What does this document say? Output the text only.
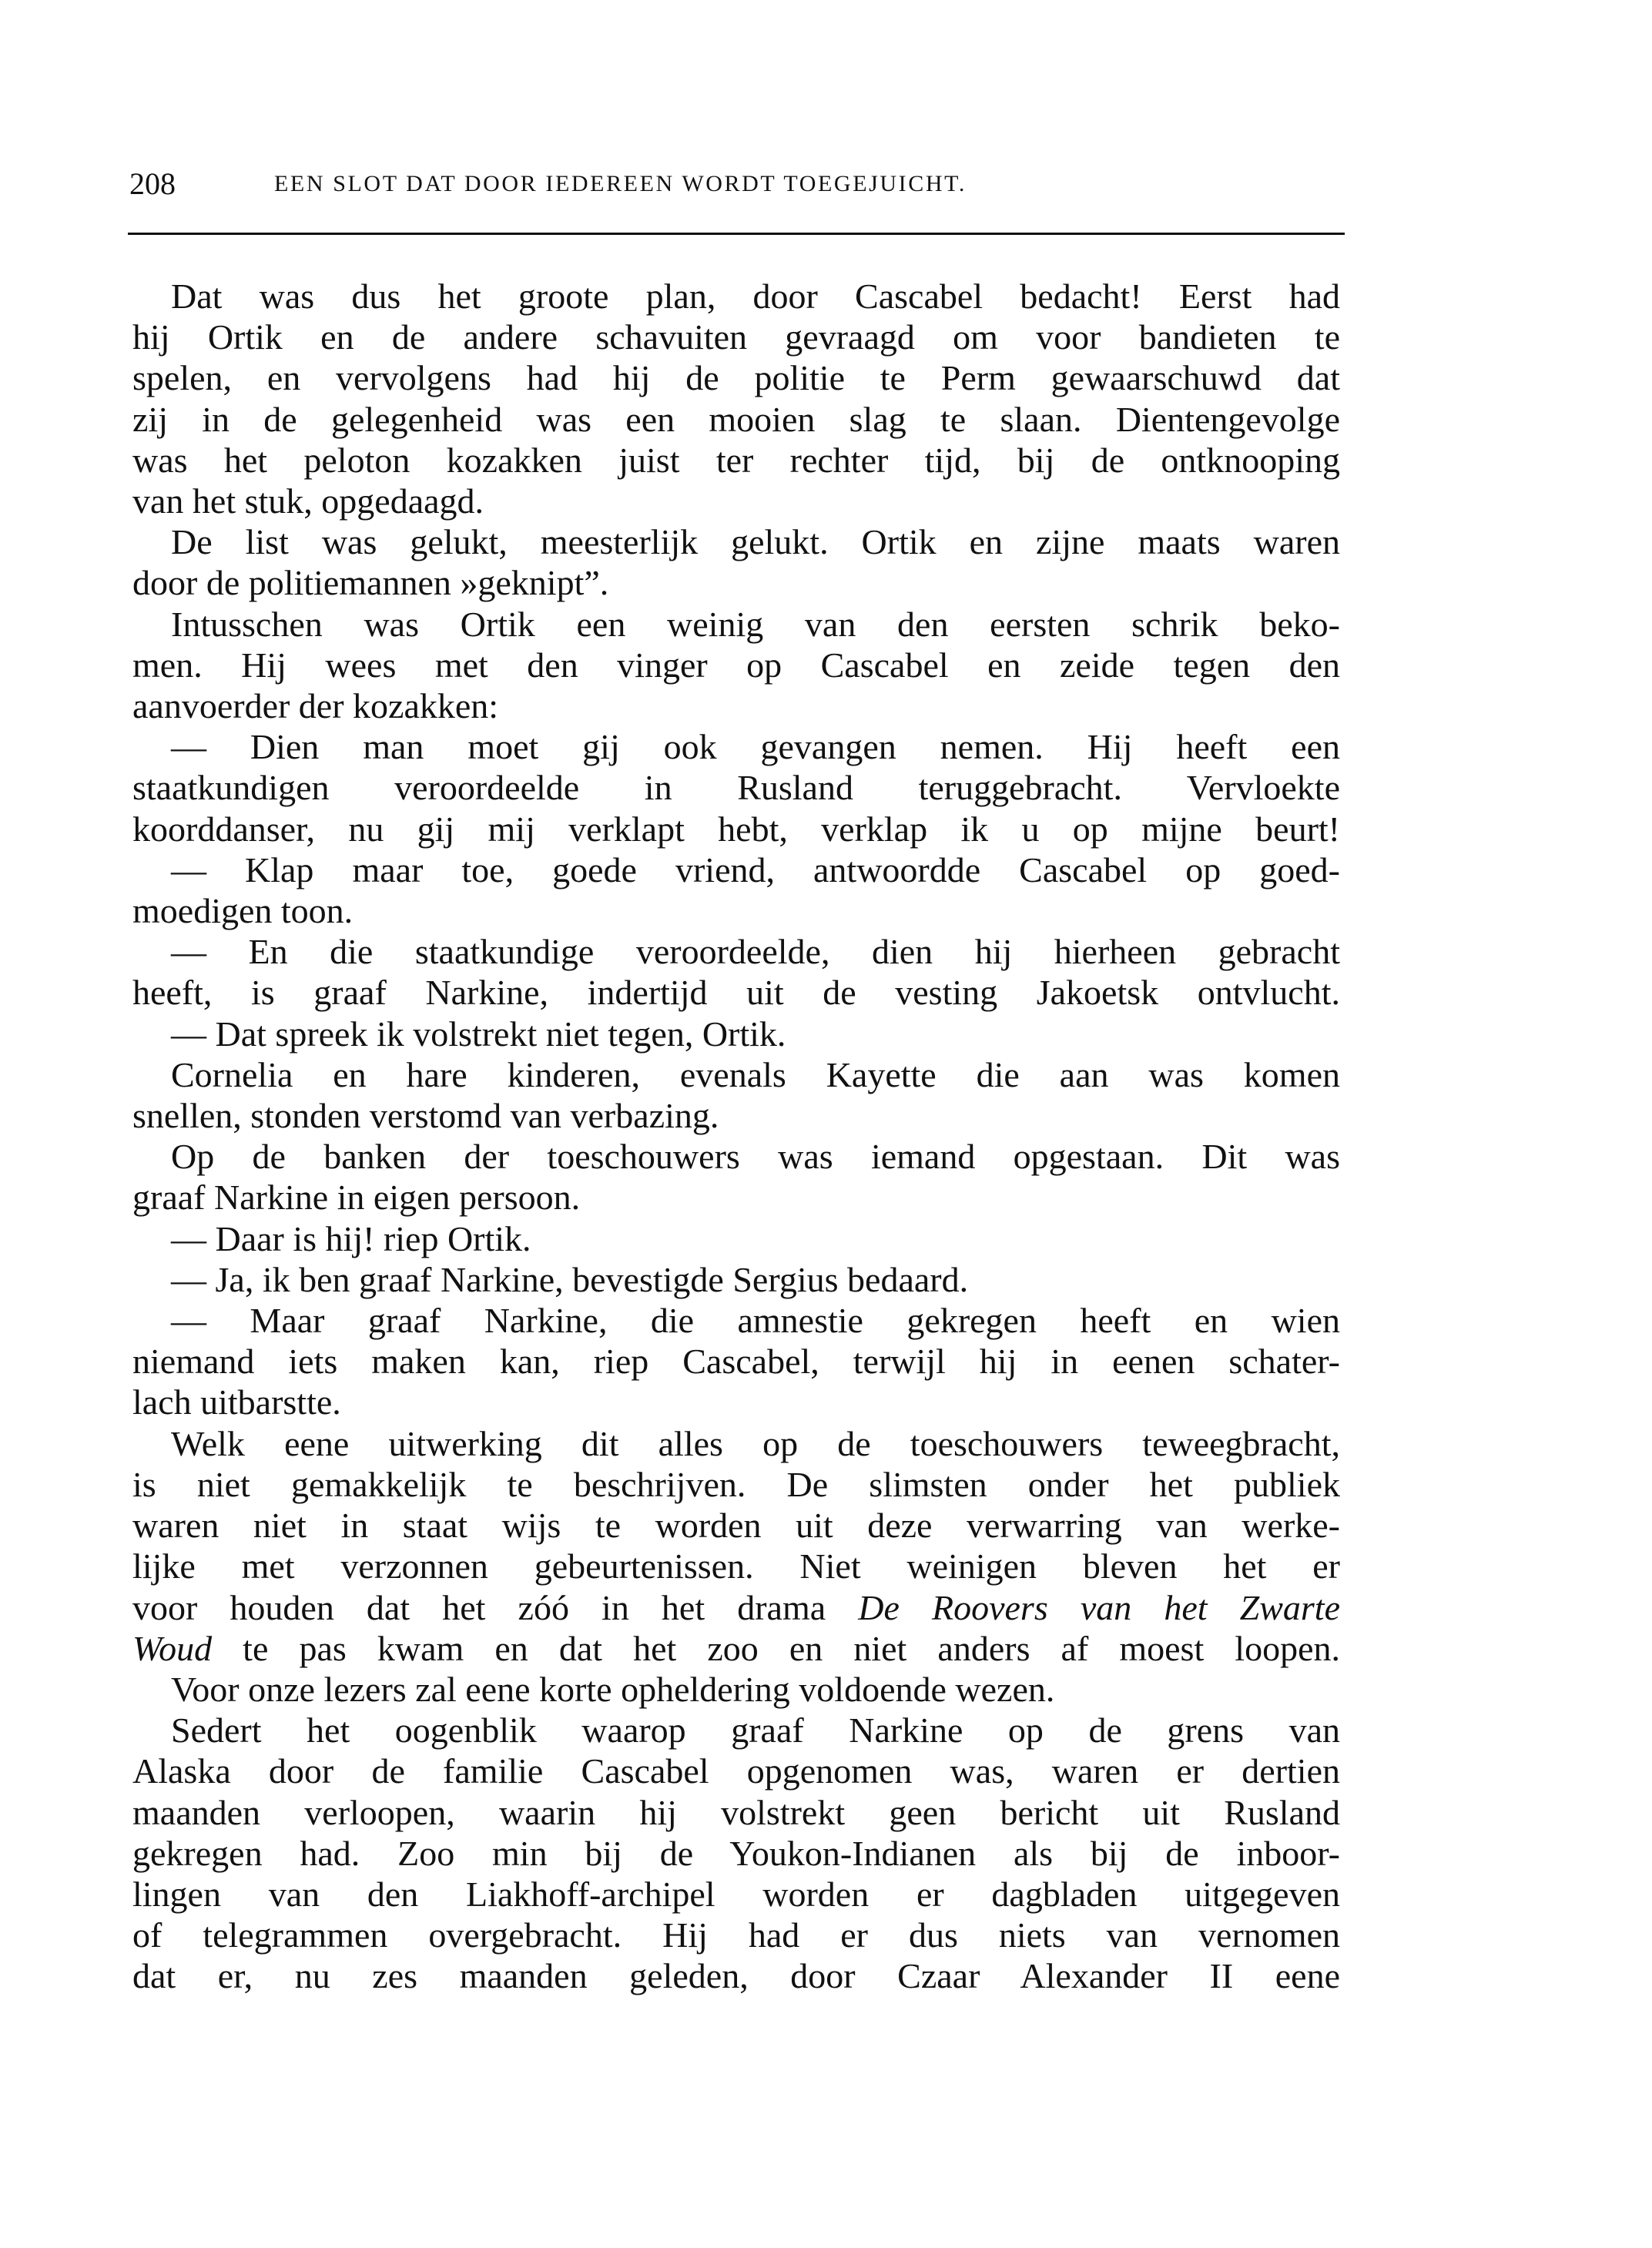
208	EEN SLOT DAT DOOR IEDEREEN WORDT TOEGEJUICHT.
Dat was dus het groote plan, door Cascabel bedacht! Eerst had
hij Ortik en de andere schavuiten gevraagd om voor bandieten te
spelen, en vervolgens had hij de politie te Perm gewaarschuwd dat
zij in de gelegenheid was een mooien slag te slaan. Dientengevolge
was het peloton kozakken juist ter rechter tijd, bij de ontknooping
van het stuk, opgedaagd.
De list was gelukt, meesterlijk gelukt. Ortik en zijne maats waren
door de politiemannen »geknipt”.
Intusschen was Ortik een weinig van den eersten schrik beko-
men. Hij wees met den vinger op Cascabel en zeide tegen den
aanvoerder der kozakken:
— Dien man moet gij ook gevangen nemen. Hij heeft een
staatkundigen veroordeelde in Rusland teruggebracht. Vervloekte
koorddanser, nu gij mij verklapt hebt, verklap ik u op mijne beurt!
— Klap maar toe, goede vriend, antwoordde Cascabel op goed-
moedigen toon.
— En die staatkundige veroordeelde, dien hij hierheen gebracht
heeft, is graaf Narkine, indertijd uit de vesting Jakoetsk ontvlucht.
— Dat spreek ik volstrekt niet tegen, Ortik.
Cornelia en hare kinderen, evenals Kayette die aan was komen
snellen, stonden verstomd van verbazing.
Op de banken der toeschouwers was iemand opgestaan. Dit was
graaf Narkine in eigen persoon.
— Daar is hij! riep Ortik.
— Ja, ik ben graaf Narkine, bevestigde Sergius bedaard.
— Maar graaf Narkine, die amnestie gekregen heeft en wien
niemand iets maken kan, riep Cascabel, terwijl hij in eenen schater-
lach uitbarstte.
Welk eene uitwerking dit alles op de toeschouwers teweegbracht,
is niet gemakkelijk te beschrijven. De slimsten onder het publiek
waren niet in staat wijs te worden uit deze verwarring van werke-
lijke met verzonnen gebeurtenissen. Niet weinigen bleven het er
voor houden dat het zóó in het drama De Roovers van het Zwarte
Woud te pas kwam en dat het zoo en niet anders af moest loopen.
Voor onze lezers zal eene korte opheldering voldoende wezen.
Sedert het oogenblik waarop graaf Narkine op de grens van
Alaska door de familie Cascabel opgenomen was, waren er dertien
maanden verloopen, waarin hij volstrekt geen bericht uit Rusland
gekregen had. Zoo min bij de Youkon-Indianen als bij de inboor-
lingen van den Liakhoff-archipel worden er dagbladen uitgegeven
of telegrammen overgebracht. Hij had er dus niets van vernomen
dat er, nu zes maanden geleden, door Czaar Alexander II eene
